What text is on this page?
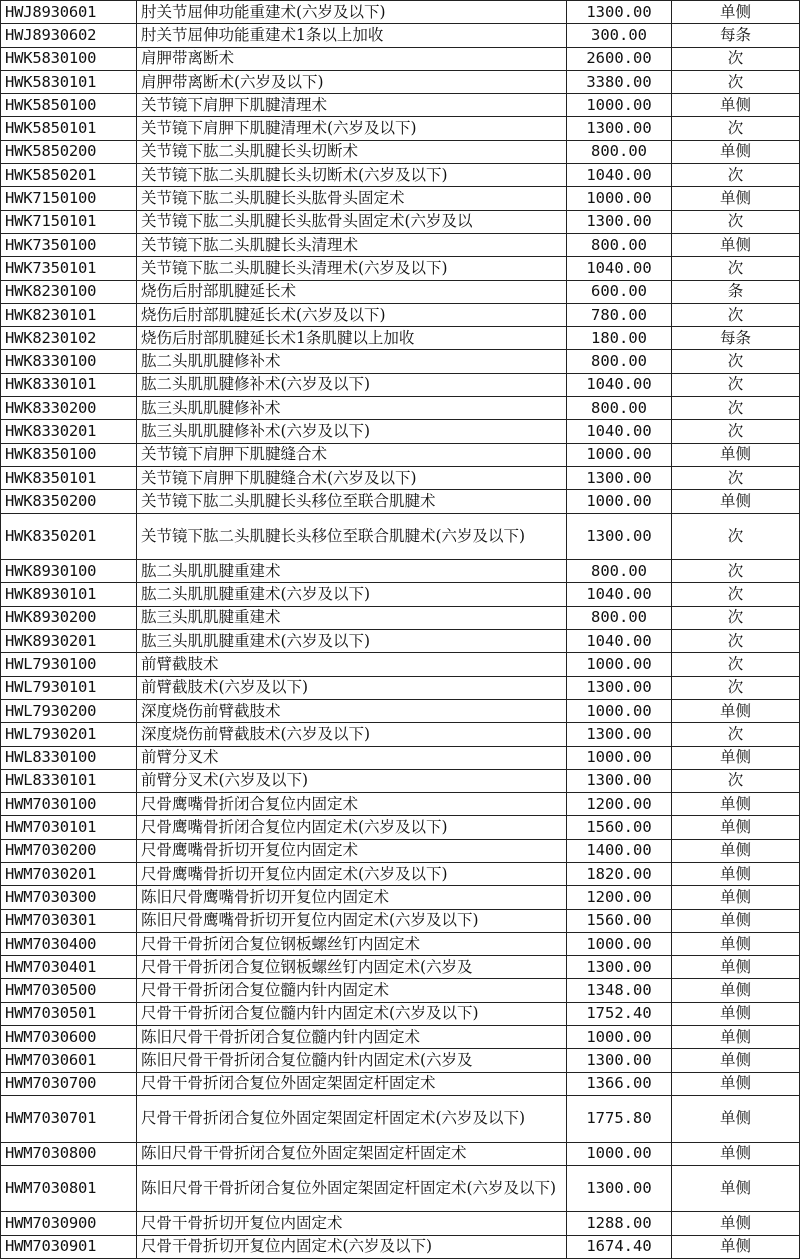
HWJ8930601	肘关节屈伸功能重建术(六岁及以下)	1300.00	单侧
HWJ8930602	肘关节屈伸功能重建术1条以上加收	300.00	每条
HWK5830100	肩胛带离断术	2600.00	次
HWK5830101	肩胛带离断术(六岁及以下)	3380.00	次
HWK5850100	关节镜下肩胛下肌腱清理术	1000.00	单侧
HWK5850101	关节镜下肩胛下肌腱清理术(六岁及以下)	1300.00	次
HWK5850200	关节镜下肱二头肌腱长头切断术	800.00	单侧
HWK5850201	关节镜下肱二头肌腱长头切断术(六岁及以下)	1040.00	次
HWK7150100	关节镜下肱二头肌腱长头肱骨头固定术	1000.00	单侧
HWK7150101	关节镜下肱二头肌腱长头肱骨头固定术(六岁及以	1300.00	次
HWK7350100	关节镜下肱二头肌腱长头清理术	800.00	单侧
HWK7350101	关节镜下肱二头肌腱长头清理术(六岁及以下)	1040.00	次
HWK8230100	烧伤后肘部肌腱延长术	600.00	条
HWK8230101	烧伤后肘部肌腱延长术(六岁及以下)	780.00	次
HWK8230102	烧伤后肘部肌腱延长术1条肌腱以上加收	180.00	每条
HWK8330100	肱二头肌肌腱修补术	800.00	次
HWK8330101	肱二头肌肌腱修补术(六岁及以下)	1040.00	次
HWK8330200	肱三头肌肌腱修补术	800.00	次
HWK8330201	肱三头肌肌腱修补术(六岁及以下)	1040.00	次
HWK8350100	关节镜下肩胛下肌腱缝合术	1000.00	单侧
HWK8350101	关节镜下肩胛下肌腱缝合术(六岁及以下)	1300.00	次
HWK8350200	关节镜下肱二头肌腱长头移位至联合肌腱术	1000.00	单侧
HWK8350201	关节镜下肱二头肌腱长头移位至联合肌腱术(六岁及以下)	1300.00	次
HWK8930100	肱二头肌肌腱重建术	800.00	次
HWK8930101	肱二头肌肌腱重建术(六岁及以下)	1040.00	次
HWK8930200	肱三头肌肌腱重建术	800.00	次
HWK8930201	肱三头肌肌腱重建术(六岁及以下)	1040.00	次
HWL7930100	前臂截肢术	1000.00	次
HWL7930101	前臂截肢术(六岁及以下)	1300.00	次
HWL7930200	深度烧伤前臂截肢术	1000.00	单侧
HWL7930201	深度烧伤前臂截肢术(六岁及以下)	1300.00	次
HWL8330100	前臂分叉术	1000.00	单侧
HWL8330101	前臂分叉术(六岁及以下)	1300.00	次
HWM7030100	尺骨鹰嘴骨折闭合复位内固定术	1200.00	单侧
HWM7030101	尺骨鹰嘴骨折闭合复位内固定术(六岁及以下)	1560.00	单侧
HWM7030200	尺骨鹰嘴骨折切开复位内固定术	1400.00	单侧
HWM7030201	尺骨鹰嘴骨折切开复位内固定术(六岁及以下)	1820.00	单侧
HWM7030300	陈旧尺骨鹰嘴骨折切开复位内固定术	1200.00	单侧
HWM7030301	陈旧尺骨鹰嘴骨折切开复位内固定术(六岁及以下)	1560.00	单侧
HWM7030400	尺骨干骨折闭合复位钢板螺丝钉内固定术	1000.00	单侧
HWM7030401	尺骨干骨折闭合复位钢板螺丝钉内固定术(六岁及	1300.00	单侧
HWM7030500	尺骨干骨折闭合复位髓内针内固定术	1348.00	单侧
HWM7030501	尺骨干骨折闭合复位髓内针内固定术(六岁及以下)	1752.40	单侧
HWM7030600	陈旧尺骨干骨折闭合复位髓内针内固定术	1000.00	单侧
HWM7030601	陈旧尺骨干骨折闭合复位髓内针内固定术(六岁及	1300.00	单侧
HWM7030700	尺骨干骨折闭合复位外固定架固定杆固定术	1366.00	单侧
HWM7030701	尺骨干骨折闭合复位外固定架固定杆固定术(六岁及以下)	1775.80	单侧
HWM7030800	陈旧尺骨干骨折闭合复位外固定架固定杆固定术	1000.00	单侧
HWM7030801	陈旧尺骨干骨折闭合复位外固定架固定杆固定术(六岁及以下)	1300.00	单侧
HWM7030900	尺骨干骨折切开复位内固定术	1288.00	单侧
HWM7030901	尺骨干骨折切开复位内固定术(六岁及以下)	1674.40	单侧
